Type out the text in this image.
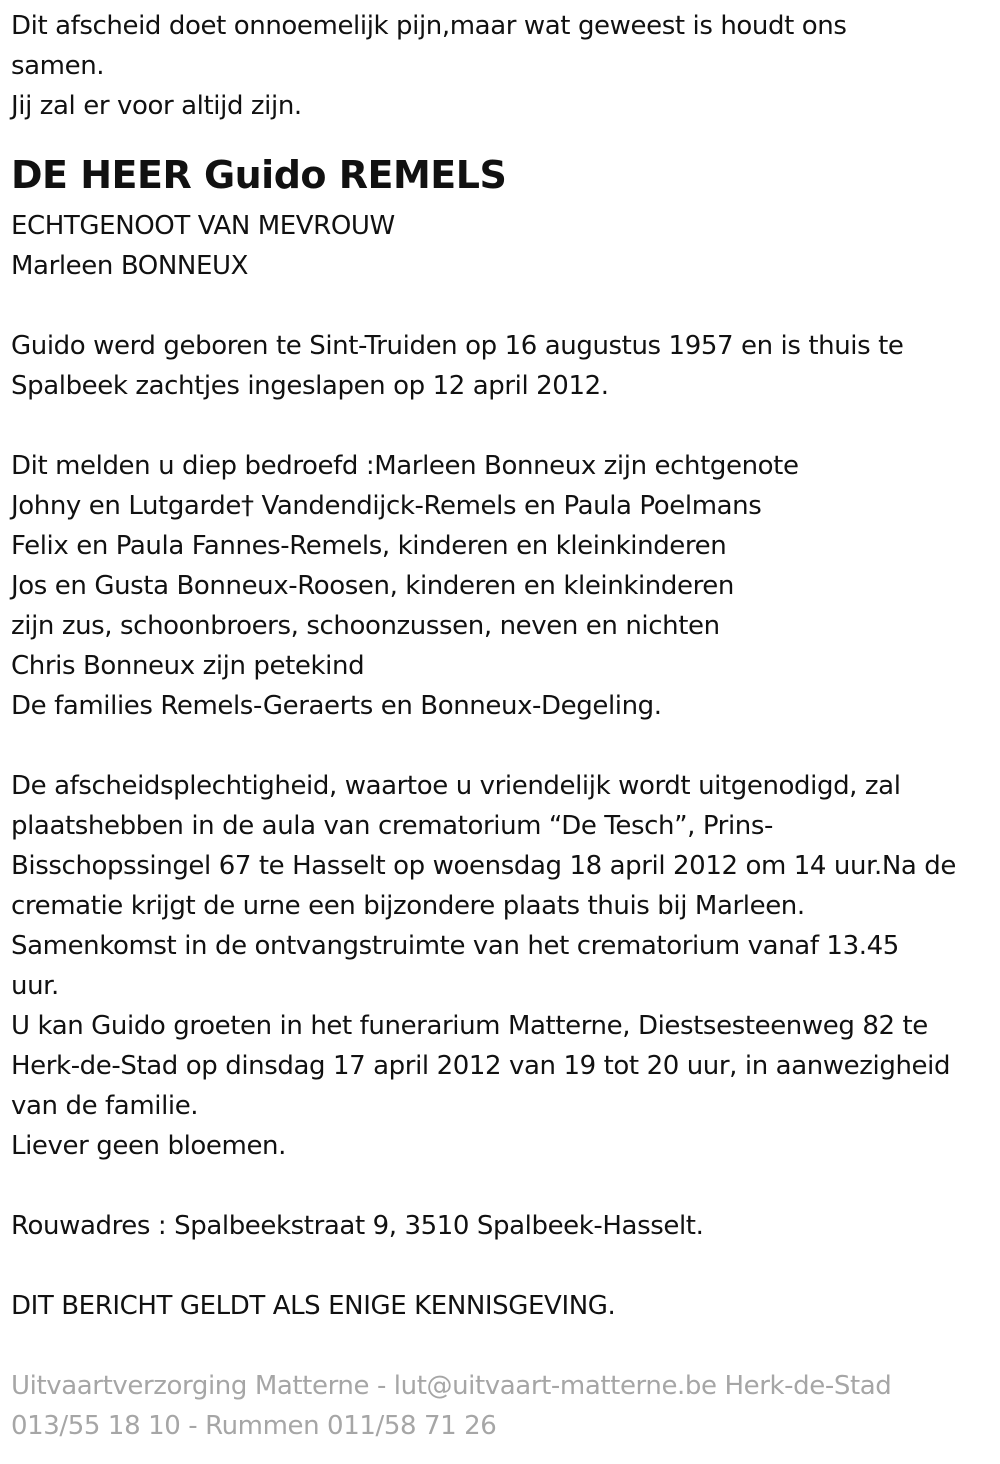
Dit afscheid doet onnoemelijk pijn,maar wat geweest is houdt ons
samen.
Jij zal er voor altijd zijn.
DE HEER Guido REMELS
ECHTGENOOT VAN MEVROUW
Marleen BONNEUX
Guido werd geboren te Sint-Truiden op 16 augustus 1957 en is thuis te
Spalbeek zachtjes ingeslapen op 12 april 2012.
Dit melden u diep bedroefd :Marleen Bonneux zijn echtgenote
Johny en Lutgarde† Vandendijck-Remels en Paula Poelmans
Felix en Paula Fannes-Remels, kinderen en kleinkinderen
Jos en Gusta Bonneux-Roosen, kinderen en kleinkinderen
zijn zus, schoonbroers, schoonzussen, neven en nichten
Chris Bonneux zijn petekind
De families Remels-Geraerts en Bonneux-Degeling.
De afscheidsplechtigheid, waartoe u vriendelijk wordt uitgenodigd, zal
plaatshebben in de aula van crematorium “De Tesch”, Prins-
Bisschopssingel 67 te Hasselt op woensdag 18 april 2012 om 14 uur.Na de
crematie krijgt de urne een bijzondere plaats thuis bij Marleen.
Samenkomst in de ontvangstruimte van het crematorium vanaf 13.45
uur.
U kan Guido groeten in het funerarium Matterne, Diestsesteenweg 82 te
Herk-de-Stad op dinsdag 17 april 2012 van 19 tot 20 uur, in aanwezigheid
van de familie.
Liever geen bloemen.
Rouwadres : Spalbeekstraat 9, 3510 Spalbeek-Hasselt.
DIT BERICHT GELDT ALS ENIGE KENNISGEVING.
Uitvaartverzorging Matterne - lut@uitvaart-matterne.be Herk-de-Stad
013/55 18 10 - Rummen 011/58 71 26
